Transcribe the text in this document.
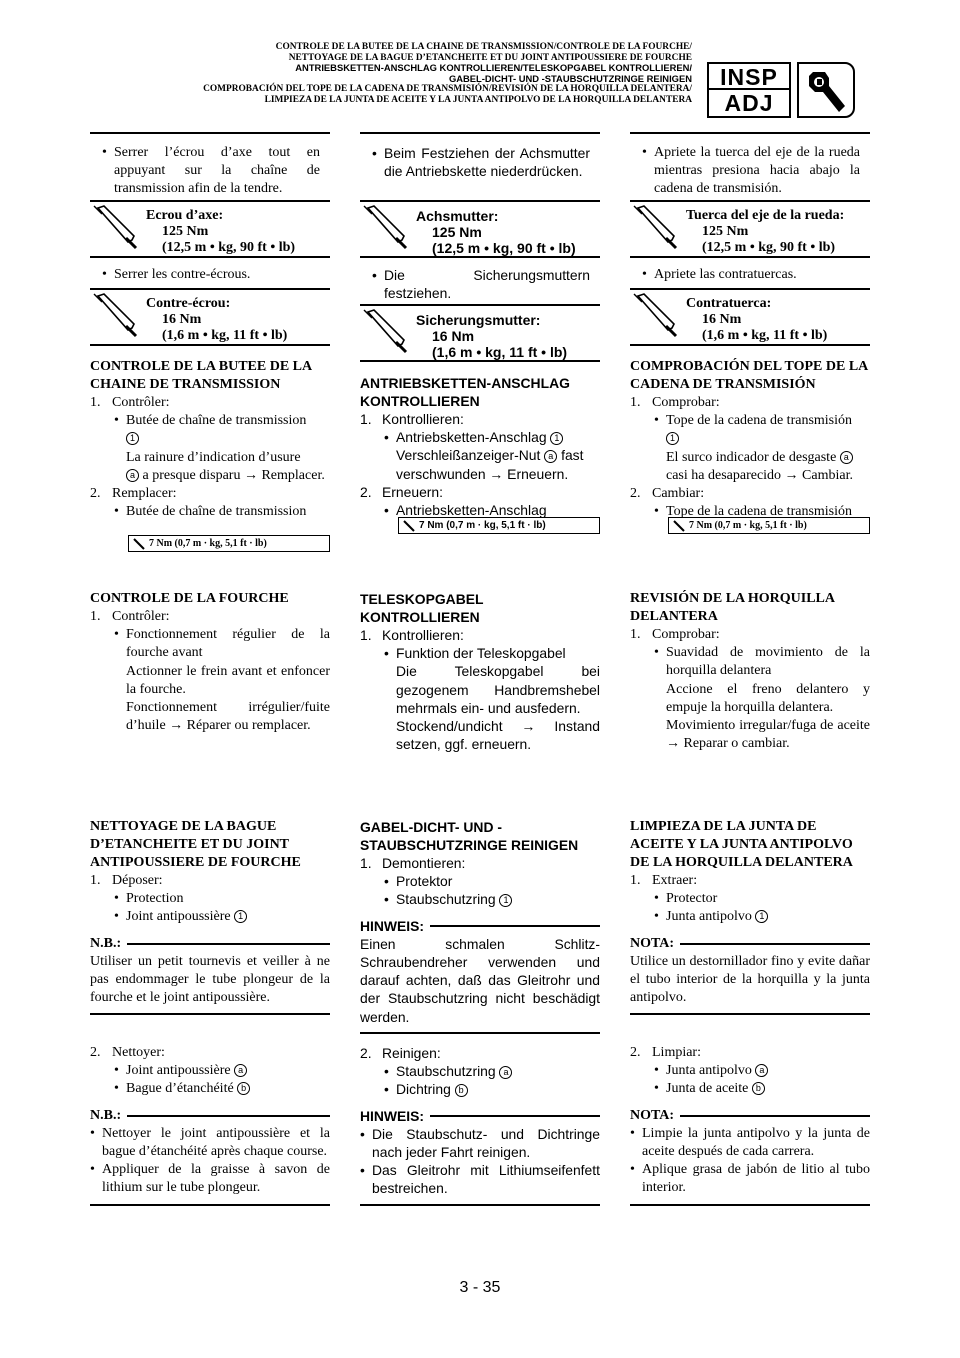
CONTROLE DE LA BUTEE DE LA CHAINE DE TRANSMISSION/CONTROLE DE LA FOURCHE/
NETTOYAGE DE LA BAGUE D’ETANCHEITE ET DU JOINT ANTIPOUSSIERE DE FOURCHE
ANTRIEBSKETTEN-ANSCHLAG KONTROLLIEREN/TELESKOPGABEL KONTROLLIEREN/
GABEL-DICHT- UND -STAUBSCHUTZRINGE REINIGEN
COMPROBACIÓN DEL TOPE DE LA CADENA DE TRANSMISIÓN/REVISIÓN DE LA HORQUILLA DELANTERA/
LIMPIEZA DE LA JUNTA DE ACEITE Y LA JUNTA ANTIPOLVO DE LA HORQUILLA DELANTERA
INSP
ADJ
• Serrer l’écrou d’axe tout en appuyant sur la chaîne de transmission afin de la tendre.
Ecrou d’axe:
125 Nm
(12,5 m • kg, 90 ft • lb)
• Serrer les contre-écrous.
Contre-écrou:
16 Nm
(1,6 m • kg, 11 ft • lb)
CONTROLE DE LA BUTEE DE LA CHAINE DE TRANSMISSION
1. Contrôler:
• Butée de chaîne de transmission
1
La rainure d’indication d’usure
a a presque disparu → Remplacer.
2. Remplacer:
• Butée de chaîne de transmission
7 Nm (0,7 m · kg, 5,1 ft · lb)
CONTROLE DE LA FOURCHE
1. Contrôler:
• Fonctionnement régulier de la fourche avant
Actionner le frein avant et enfoncer la fourche.
Fonctionnement irrégulier/fuite d’huile → Réparer ou remplacer.
NETTOYAGE DE LA BAGUE D’ETANCHEITE ET DU JOINT ANTIPOUSSIERE DE FOURCHE
1. Déposer:
• Protection
• Joint antipoussière 1
N.B.:
Utiliser un petit tournevis et veiller à ne pas endommager le tube plongeur de la fourche et le joint antipoussière.
2. Nettoyer:
• Joint antipoussière a
• Bague d’étanchéité b
N.B.:
• Nettoyer le joint antipoussière et la bague d’étanchéité après chaque course.
• Appliquer de la graisse à savon de lithium sur le tube plongeur.
• Beim Festziehen der Achsmutter die Antriebskette niederdrücken.
Achsmutter:
125 Nm
(12,5 m • kg, 90 ft • lb)
• Die Sicherungsmuttern festziehen.
Sicherungsmutter:
16 Nm
(1,6 m • kg, 11 ft • lb)
ANTRIEBSKETTEN-ANSCHLAG KONTROLLIEREN
1. Kontrollieren:
• Antriebsketten-Anschlag 1
Verschleißanzeiger-Nut a fast
verschwunden → Erneuern.
2. Erneuern:
• Antriebsketten-Anschlag
7 Nm (0,7 m · kg, 5,1 ft · lb)
TELESKOPGABEL KONTROLLIEREN
1. Kontrollieren:
• Funktion der Teleskopgabel
Die Teleskopgabel bei gezogenem Handbremshebel mehrmals ein- und ausfedern.
Stockend/undicht → Instand setzen, ggf. erneuern.
GABEL-DICHT- UND -STAUBSCHUTZRINGE REINIGEN
1. Demontieren:
• Protektor
• Staubschutzring 1
HINWEIS:
Einen schmalen Schlitz-Schraubendreher verwenden und darauf achten, daß das Gleitrohr und der Staubschutzring nicht beschädigt werden.
2. Reinigen:
• Staubschutzring a
• Dichtring b
HINWEIS:
• Die Staubschutz- und Dichtringe nach jeder Fahrt reinigen.
• Das Gleitrohr mit Lithiumseifenfett bestreichen.
• Apriete la tuerca del eje de la rueda mientras presiona hacia abajo la cadena de transmisión.
Tuerca del eje de la rueda:
125 Nm
(12,5 m • kg, 90 ft • lb)
• Apriete las contratuercas.
Contratuerca:
16 Nm
(1,6 m • kg, 11 ft • lb)
COMPROBACIÓN DEL TOPE DE LA CADENA DE TRANSMISIÓN
1. Comprobar:
• Tope de la cadena de transmisión
1
El surco indicador de desgaste a
casi ha desaparecido → Cambiar.
2. Cambiar:
• Tope de la cadena de transmisión
7 Nm (0,7 m · kg, 5,1 ft · lb)
REVISIÓN DE LA HORQUILLA DELANTERA
1. Comprobar:
• Suavidad de movimiento de la horquilla delantera
Accione el freno delantero y empuje la horquilla delantera.
Movimiento irregular/fuga de aceite → Reparar o cambiar.
LIMPIEZA DE LA JUNTA DE ACEITE Y LA JUNTA ANTIPOLVO DE LA HORQUILLA DELANTERA
1. Extraer:
• Protector
• Junta antipolvo 1
NOTA:
Utilice un destornillador fino y evite dañar el tubo interior de la horquilla y la junta antipolvo.
2. Limpiar:
• Junta antipolvo a
• Junta de aceite b
NOTA:
• Limpie la junta antipolvo y la junta de aceite después de cada carrera.
• Aplique grasa de jabón de litio al tubo interior.
3 - 35
